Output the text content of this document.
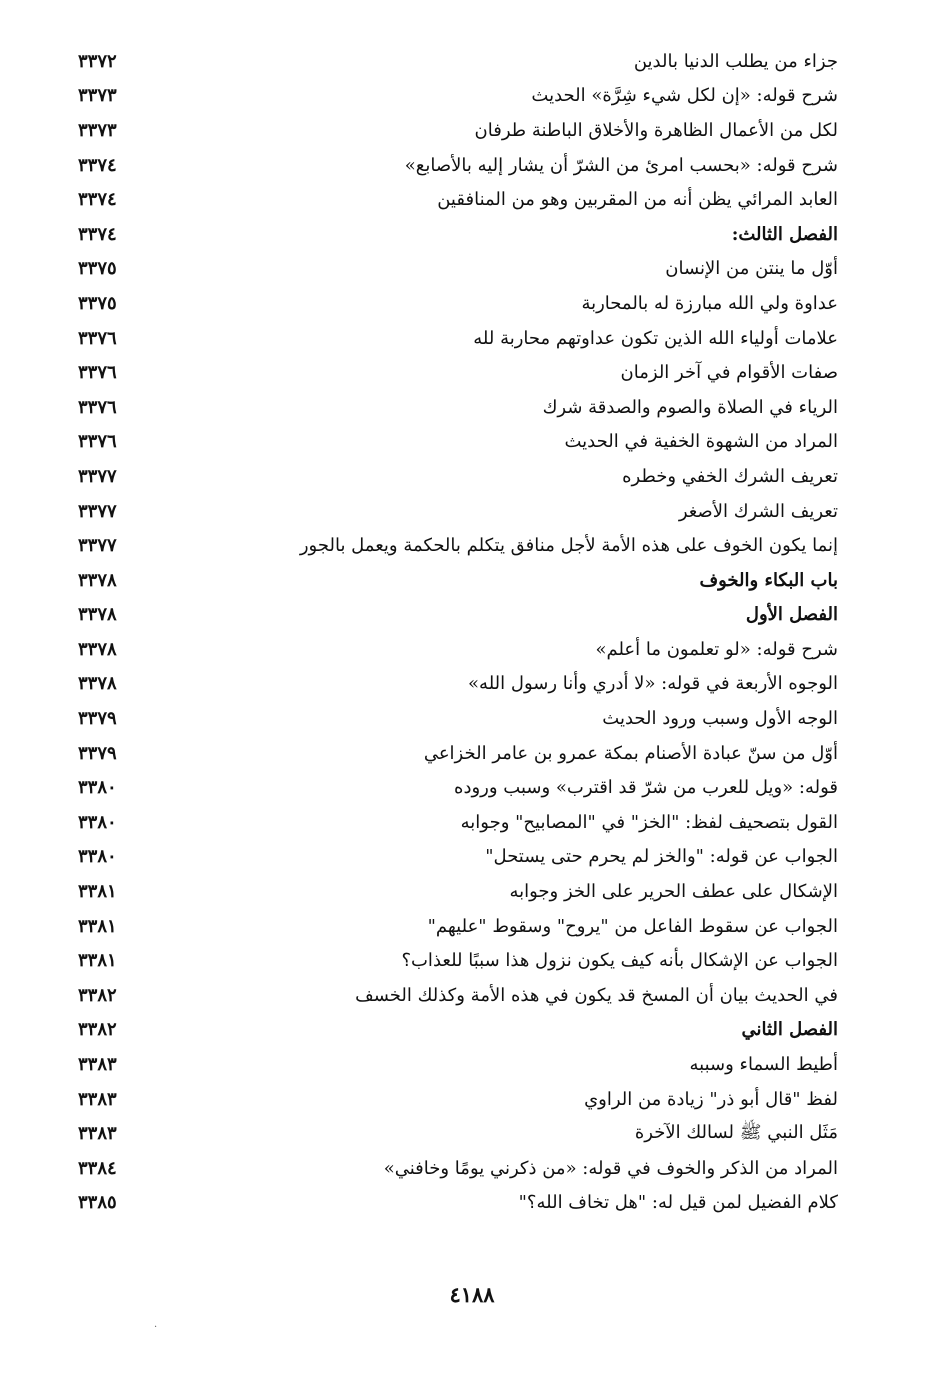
جزاء من يطلب الدنيا بالدين
٣٣٧٢
شرح قوله: «إن لكل شيء شِرَّة» الحديث
٣٣٧٣
لكل من الأعمال الظاهرة والأخلاق الباطنة طرفان
٣٣٧٣
شرح قوله: «بحسب امرئ من الشرّ أن يشار إليه بالأصابع»
٣٣٧٤
العابد المرائي يظن أنه من المقربين وهو من المنافقين
٣٣٧٤
الفصل الثالث:
٣٣٧٤
أوّل ما ينتن من الإنسان
٣٣٧٥
عداوة ولي الله مبارزة له بالمحاربة
٣٣٧٥
علامات أولياء الله الذين تكون عداوتهم محاربة لله
٣٣٧٦
صفات الأقوام في آخر الزمان
٣٣٧٦
الرياء في الصلاة والصوم والصدقة شرك
٣٣٧٦
المراد من الشهوة الخفية في الحديث
٣٣٧٦
تعريف الشرك الخفي وخطره
٣٣٧٧
تعريف الشرك الأصغر
٣٣٧٧
إنما يكون الخوف على هذه الأمة لأجل منافق يتكلم بالحكمة ويعمل بالجور
٣٣٧٧
باب البكاء والخوف
٣٣٧٨
الفصل الأول
٣٣٧٨
شرح قوله: «لو تعلمون ما أعلم»
٣٣٧٨
الوجوه الأربعة في قوله: «لا أدري وأنا رسول الله»
٣٣٧٨
الوجه الأول وسبب ورود الحديث
٣٣٧٩
أوّل من سنّ عبادة الأصنام بمكة عمرو بن عامر الخزاعي
٣٣٧٩
قوله: «ويل للعرب من شرّ قد اقترب» وسبب وروده
٣٣٨٠
القول بتصحيف لفظ: "الخز" في "المصابيح" وجوابه
٣٣٨٠
الجواب عن قوله: "والخز لم يحرم حتى يستحل"
٣٣٨٠
الإشكال على عطف الحرير على الخز وجوابه
٣٣٨١
الجواب عن سقوط الفاعل من "يروح" وسقوط "عليهم"
٣٣٨١
الجواب عن الإشكال بأنه كيف يكون نزول هذا سببًا للعذاب؟
٣٣٨١
في الحديث بيان أن المسخ قد يكون في هذه الأمة وكذلك الخسف
٣٣٨٢
الفصل الثاني
٣٣٨٢
أطيط السماء وسببه
٣٣٨٣
لفظ "قال أبو ذر" زيادة من الراوي
٣٣٨٣
مَثَل النبي ﷺ لسالك الآخرة
٣٣٨٣
المراد من الذكر والخوف في قوله: «من ذكرني يومًا وخافني»
٣٣٨٤
كلام الفضيل لمن قيل له: "هل تخاف الله؟"
٣٣٨٥
٤١٨٨
·
